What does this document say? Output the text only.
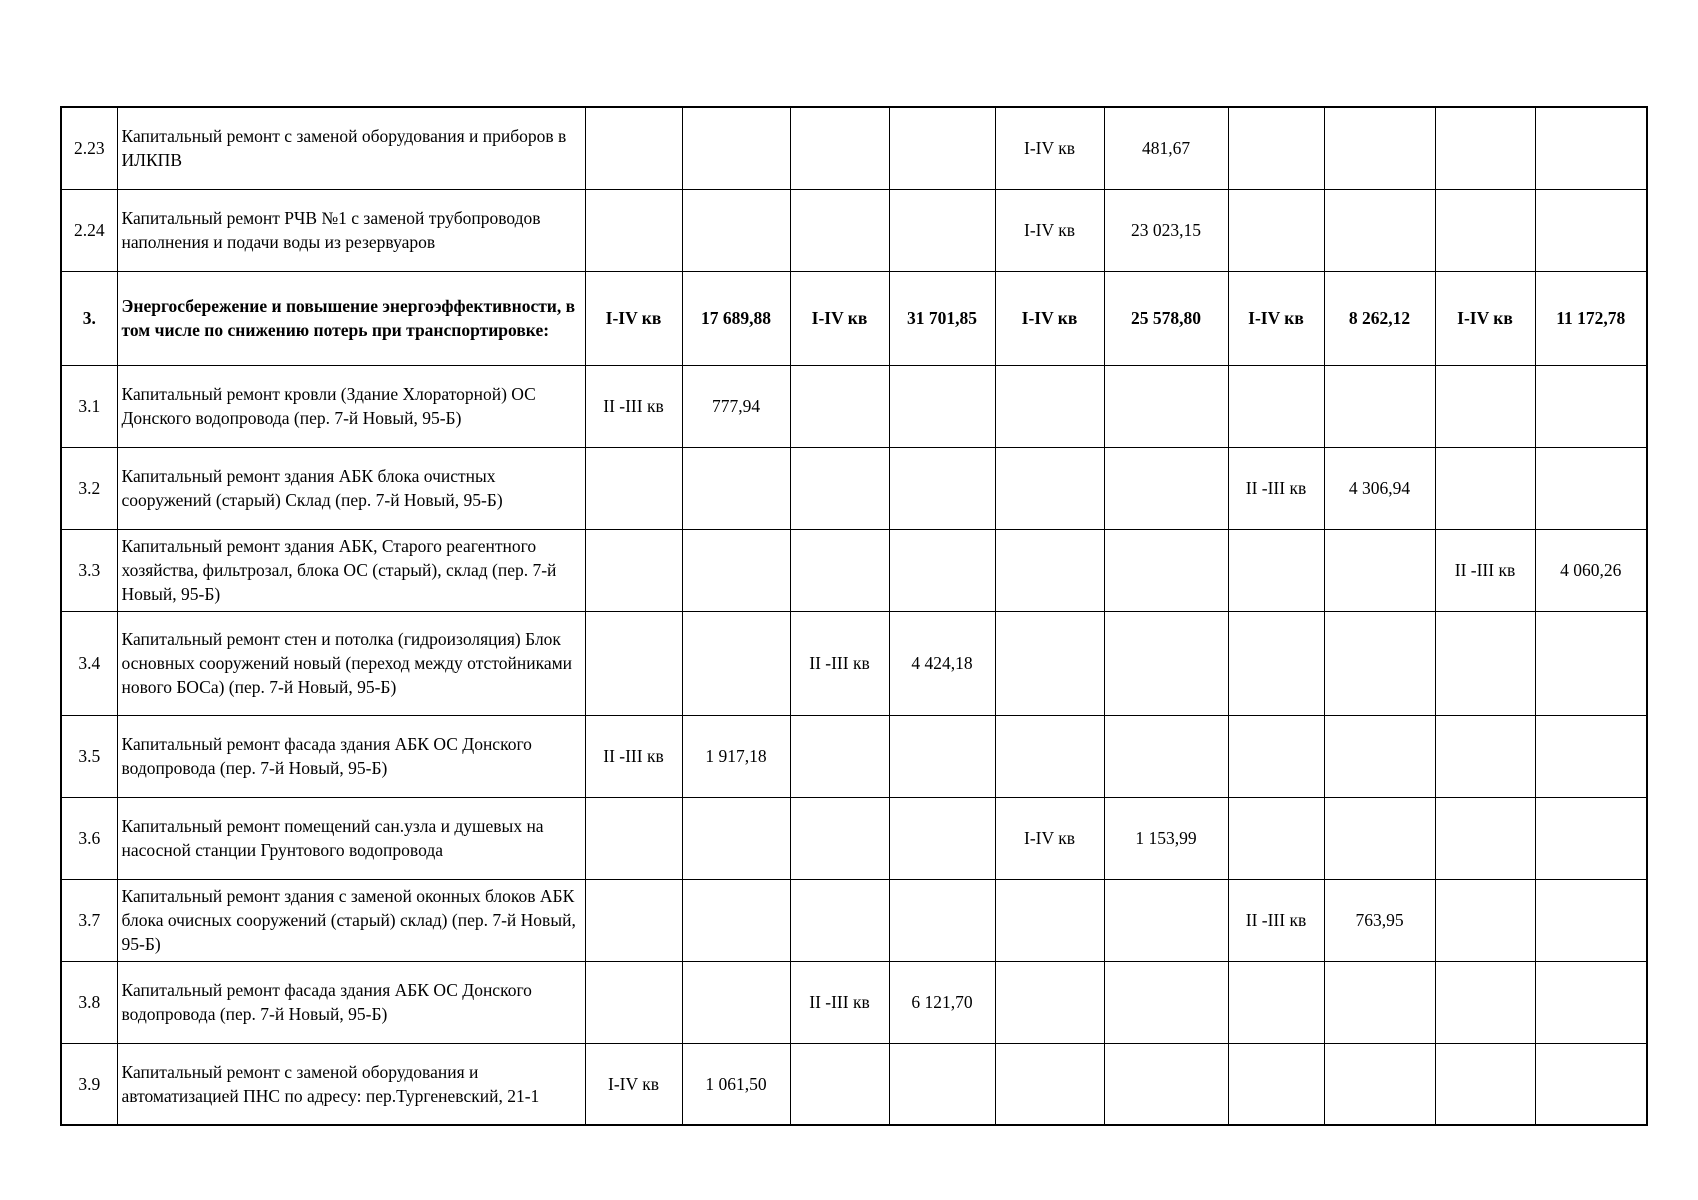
2.23	Капитальный ремонт с заменой оборудования и приборов в ИЛКПВ					I-IV кв	481,67				
2.24	Капитальный ремонт РЧВ №1 с заменой трубопроводов наполнения и подачи воды из резервуаров					I-IV кв	23 023,15				
3.	Энергосбережение и повышение энергоэффективности, в том числе по снижению потерь при транспортировке:	I-IV кв	17 689,88	I-IV кв	31 701,85	I-IV кв	25 578,80	I-IV кв	8 262,12	I-IV кв	11 172,78
3.1	Капитальный ремонт кровли (Здание Хлораторной) ОС Донского водопровода (пер. 7-й Новый, 95-Б)	II -III кв	777,94								
3.2	Капитальный ремонт здания АБК блока очистных сооружений (старый) Склад (пер. 7-й Новый, 95-Б)							II -III кв	4 306,94		
3.3	Капитальный ремонт здания АБК, Старого реагентного хозяйства, фильтрозал, блока ОС (старый), склад (пер. 7-й Новый, 95-Б)									II -III кв	4 060,26
3.4	Капитальный ремонт стен и потолка (гидроизоляция) Блок основных сооружений новый (переход между отстойниками нового БОСа) (пер. 7-й Новый, 95-Б)			II -III кв	4 424,18						
3.5	Капитальный ремонт фасада здания АБК ОС Донского водопровода (пер. 7-й Новый, 95-Б)	II -III кв	1 917,18								
3.6	Капитальный ремонт помещений сан.узла и душевых на насосной станции Грунтового водопровода					I-IV кв	1 153,99				
3.7	Капитальный ремонт здания с заменой оконных блоков АБК блока очисных сооружений (старый) склад) (пер. 7-й Новый, 95-Б)							II -III кв	763,95		
3.8	Капитальный ремонт фасада здания АБК ОС Донского водопровода (пер. 7-й Новый, 95-Б)			II -III кв	6 121,70						
3.9	Капитальный ремонт с заменой оборудования и автоматизацией ПНС по адресу: пер.Тургеневский, 21-1	I-IV кв	1 061,50								
